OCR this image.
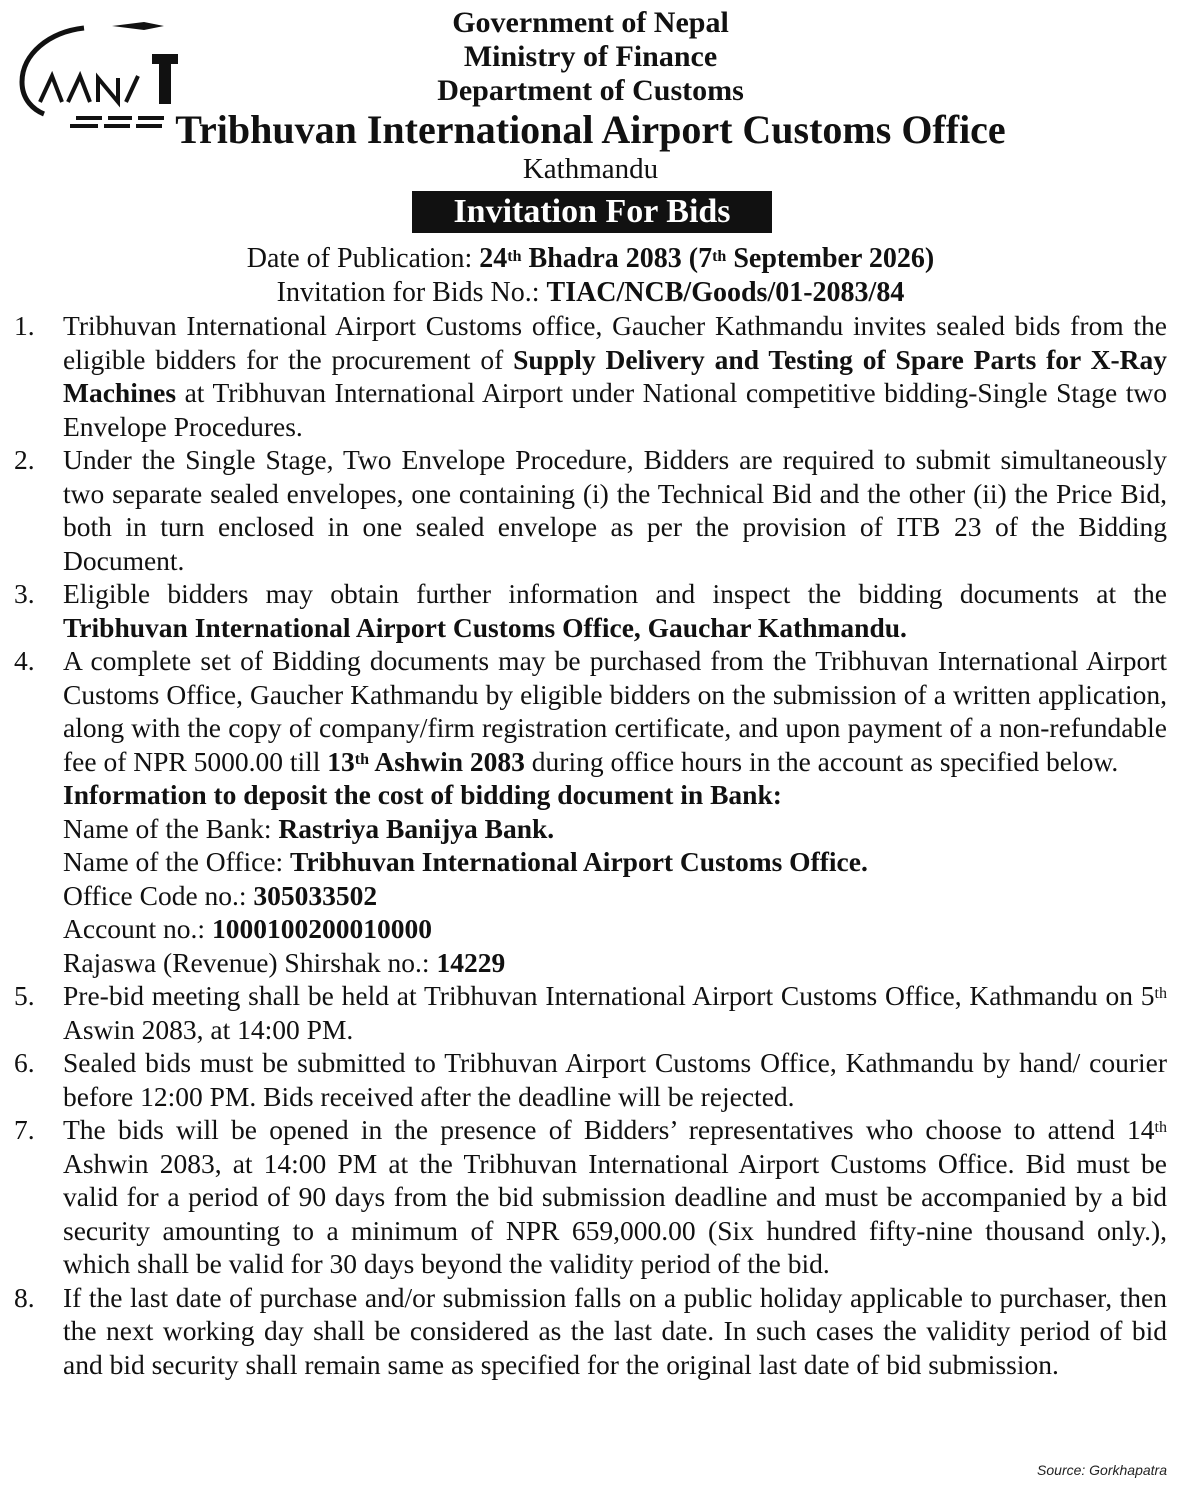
Government of Nepal
Ministry of Finance
Department of Customs
Tribhuvan International Airport Customs Office
Kathmandu
Invitation For Bids
Date of Publication: 24th Bhadra 2083 (7th September 2026)
Invitation for Bids No.: TIAC/NCB/Goods/01-2083/84
1. Tribhuvan International Airport Customs office, Gaucher Kathmandu invites sealed bids from the eligible bidders for the procurement of Supply Delivery and Testing of Spare Parts for X-Ray Machines at Tribhuvan International Airport under National competitive bidding-Single Stage two Envelope Procedures.
2. Under the Single Stage, Two Envelope Procedure, Bidders are required to submit simultaneously two separate sealed envelopes, one containing (i) the Technical Bid and the other (ii) the Price Bid, both in turn enclosed in one sealed envelope as per the provision of ITB 23 of the Bidding Document.
3. Eligible bidders may obtain further information and inspect the bidding documents at the Tribhuvan International Airport Customs Office, Gauchar Kathmandu.
4. A complete set of Bidding documents may be purchased from the Tribhuvan International Airport Customs Office, Gaucher Kathmandu by eligible bidders on the submission of a written application, along with the copy of company/firm registration certificate, and upon payment of a non-refundable fee of NPR 5000.00 till 13th Ashwin 2083 during office hours in the account as specified below.
Information to deposit the cost of bidding document in Bank:
Name of the Bank: Rastriya Banijya Bank.
Name of the Office: Tribhuvan International Airport Customs Office.
Office Code no.: 305033502
Account no.: 1000100200010000
Rajaswa (Revenue) Shirshak no.: 14229
5. Pre-bid meeting shall be held at Tribhuvan International Airport Customs Office, Kathmandu on 5th Aswin 2083, at 14:00 PM.
6. Sealed bids must be submitted to Tribhuvan Airport Customs Office, Kathmandu by hand/ courier before 12:00 PM. Bids received after the deadline will be rejected.
7. The bids will be opened in the presence of Bidders’ representatives who choose to attend 14th Ashwin 2083, at 14:00 PM at the Tribhuvan International Airport Customs Office. Bid must be valid for a period of 90 days from the bid submission deadline and must be accompanied by a bid security amounting to a minimum of NPR 659,000.00 (Six hundred fifty-nine thousand only.), which shall be valid for 30 days beyond the validity period of the bid.
8. If the last date of purchase and/or submission falls on a public holiday applicable to purchaser, then the next working day shall be considered as the last date. In such cases the validity period of bid and bid security shall remain same as specified for the original last date of bid submission.
Source: Gorkhapatra
